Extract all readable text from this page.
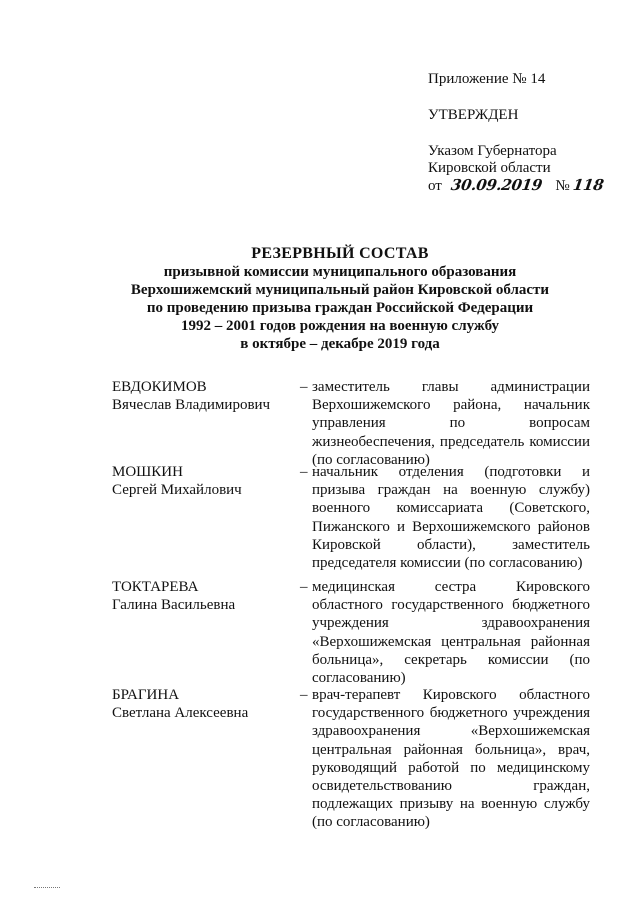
Приложение № 14
УТВЕРЖДЕН
Указом Губернатора
Кировской области
от 30.09.2019 № 118
РЕЗЕРВНЫЙ СОСТАВ
призывной комиссии муниципального образования
Верхошижемский муниципальный район Кировской области
по проведению призыва граждан Российской Федерации
1992 – 2001 годов рождения на военную службу
в октябре – декабре 2019 года
ЕВДОКИМОВ
Вячеслав Владимирович
– заместитель главы администрации Верхошижемского района, начальник управления по вопросам жизнеобеспечения, председатель комиссии (по согласованию)
МОШКИН
Сергей Михайлович
– начальник отделения (подготовки и призыва граждан на военную службу) военного комиссариата (Советского, Пижанского и Верхошижемского районов Кировской области), заместитель председателя комиссии (по согласованию)
ТОКТАРЕВА
Галина Васильевна
– медицинская сестра Кировского областного государственного бюджетного учреждения здравоохранения «Верхошижемская центральная районная больница», секретарь комиссии (по согласованию)
БРАГИНА
Светлана Алексеевна
– врач-терапевт Кировского областного государственного бюджетного учреждения здравоохранения «Верхошижемская центральная районная больница», врач, руководящий работой по медицинскому освидетельствованию граждан, подлежащих призыву на военную службу (по согласованию)
